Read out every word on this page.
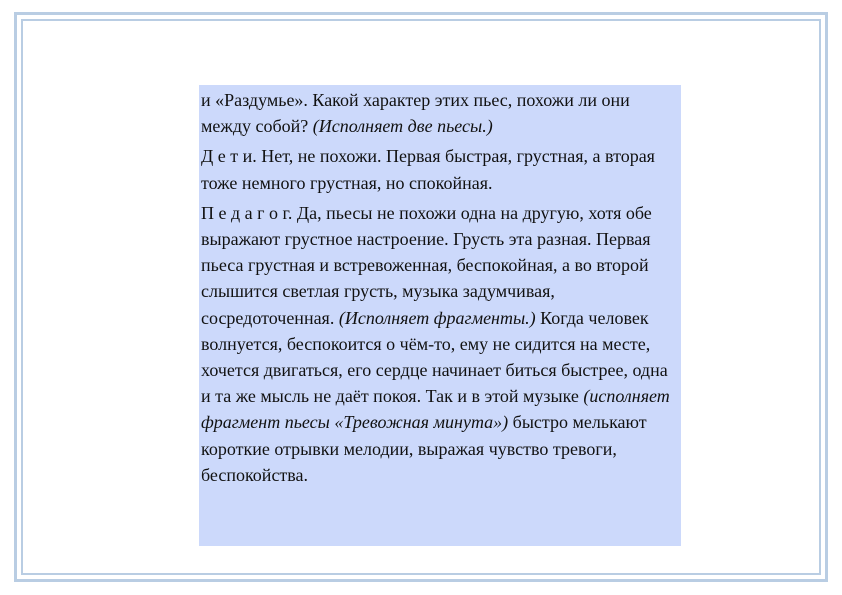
и «Раздумье». Какой характер этих пьес, похожи ли они между собой? (Исполняет две пьесы.)

Д е т и. Нет, не похожи. Первая быстрая, грустная, а вторая тоже немного грустная, но спокойная.

П е д а г о г. Да, пьесы не похожи одна на другую, хотя обе выражают грустное настроение. Грусть эта разная. Первая пьеса грустная и встревоженная, беспокойная, а во второй слышится светлая грусть, музыка задумчивая, сосредоточенная. (Исполняет фрагменты.) Когда человек волнуется, беспокоится о чём-то, ему не сидится на месте, хочется двигаться, его сердце начинает биться быстрее, одна и та же мысль не даёт покоя. Так и в этой музыке (исполняет фрагмент пьесы «Тревожная минута») быстро мелькают короткие отрывки мелодии, выражая чувство тревоги, беспокойства.
